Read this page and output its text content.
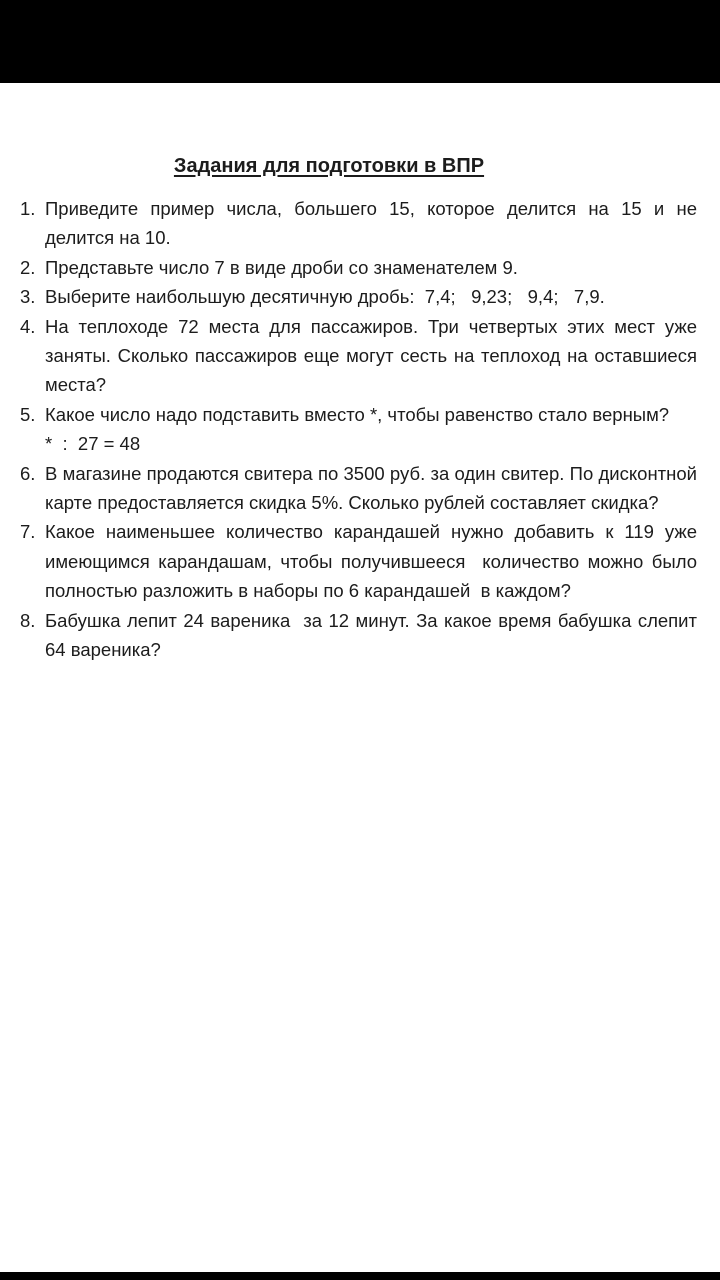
Задания для подготовки в ВПР
1. Приведите пример числа, большего 15, которое делится на 15 и не делится на 10.
2. Представьте число 7 в виде дроби со знаменателем 9.
3. Выберите наибольшую десятичную дробь:  7,4;   9,23;   9,4;   7,9.
4. На теплоходе 72 места для пассажиров. Три четвертых этих мест уже заняты. Сколько пассажиров еще могут сесть на теплоход на оставшиеся места?
5. Какое число надо подставить вместо *, чтобы равенство стало верным?
*  :  27 = 48
6. В магазине продаются свитера по 3500 руб. за один свитер. По дисконтной карте предоставляется скидка 5%. Сколько рублей составляет скидка?
7. Какое наименьшее количество карандашей нужно добавить к 119 уже имеющимся карандашам, чтобы получившееся  количество можно было полностью разложить в наборы по 6 карандашей  в каждом?
8. Бабушка лепит 24 вареника  за 12 минут. За какое время бабушка слепит 64 вареника?
